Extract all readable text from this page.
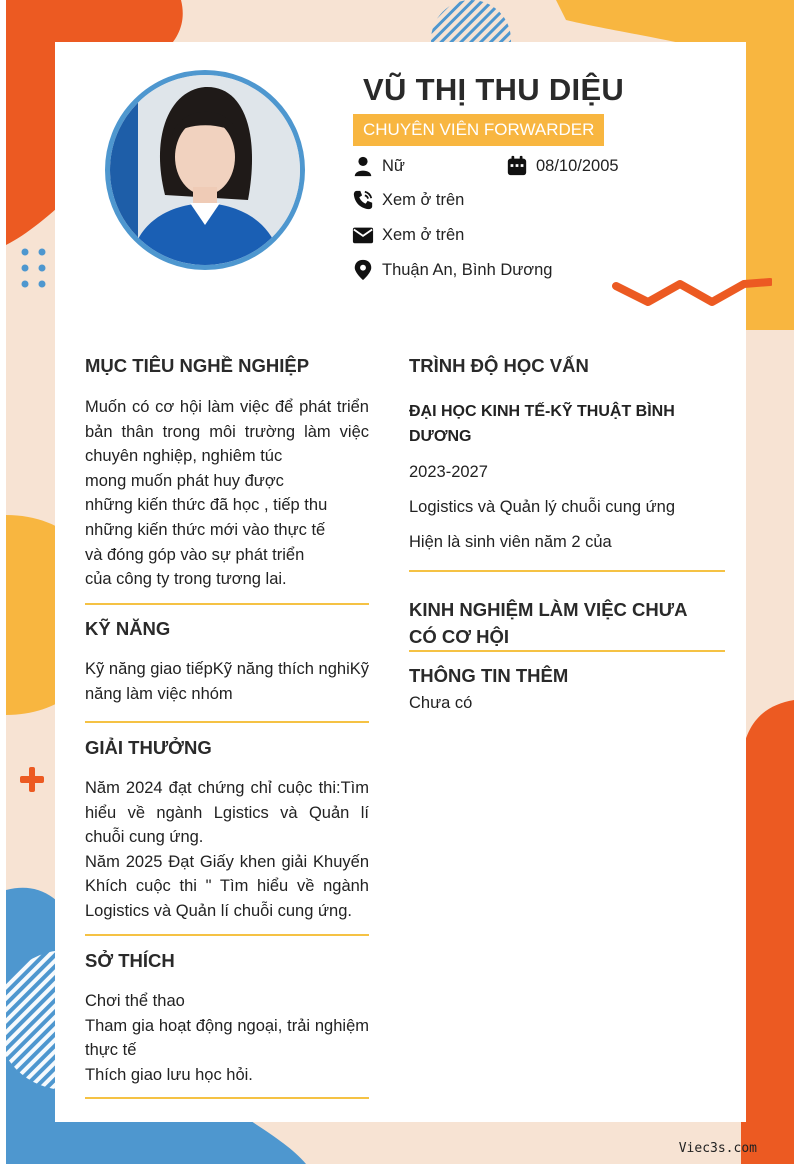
VŨ THỊ THU DIỆU
CHUYÊN VIÊN FORWARDER
Nữ	08/10/2005
Xem ở trên
Xem ở trên
Thuận An, Bình Dương
MỤC TIÊU NGHỀ NGHIỆP
Muốn có cơ hội làm việc để phát triển bản thân trong môi trường làm việc chuyên nghiệp, nghiêm túc
mong muốn phát huy được
những kiến thức đã học , tiếp thu
những kiến thức mới vào thực tế
và đóng góp vào sự phát triển
của công ty trong tương lai.
KỸ NĂNG
Kỹ năng giao tiếpKỹ năng thích nghiKỹ năng làm việc nhóm
GIẢI THƯỞNG
Năm 2024 đạt chứng chỉ cuộc thi:Tìm hiểu về ngành Lgistics và Quản lí chuỗi cung ứng.
Năm 2025 Đạt Giấy khen giải Khuyến Khích cuộc thi " Tìm hiểu về ngành Logistics và Quản lí chuỗi cung ứng.
SỞ THÍCH
Chơi thể thao
Tham gia hoạt động ngoại, trải nghiệm thực tế
Thích giao lưu học hỏi.
TRÌNH ĐỘ HỌC VẤN
ĐẠI HỌC KINH TẾ-KỸ THUẬT BÌNH DƯƠNG
2023-2027
Logistics và Quản lý chuỗi cung ứng
Hiện là sinh viên năm 2 của
KINH NGHIỆM LÀM VIỆC CHƯA CÓ CƠ HỘI
THÔNG TIN THÊM
Chưa có
Viec3s.com
